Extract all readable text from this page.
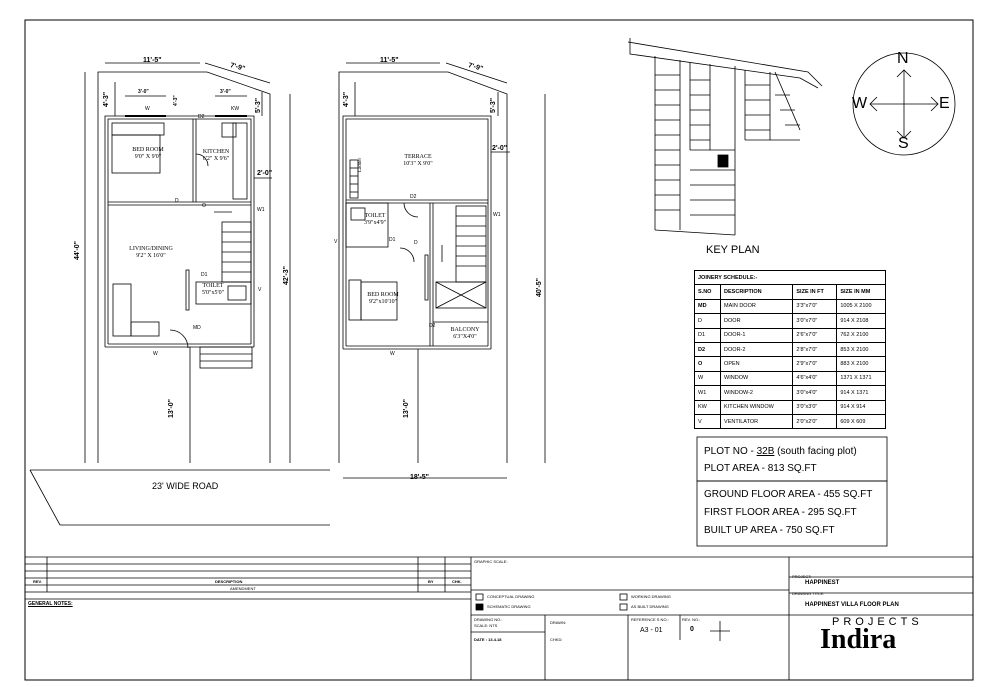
11'-5"
7'-9"
44'-0"
42'-3"
13'-0"
4'-3"	5'-3"
2'-0"
3'-0"	3'-0"
4'-3"
BED ROOM
9'0" X 9'0"
KITCHEN
6'2" X 9'6"
LIVING/DINING
9'2" X 16'0"
TOILET
5'0"x5'0"
W	KW
D2
D
O
W1
D1
V
MD
W
23' WIDE ROAD
11'-5"
7'-9"
40'-5"
13'-0"
18'-5"
4'-3"	5'-3"
2'-0"
TERRACE
10'3" X 9'0"
Ladder
TOILET
3'9"x4'9"
BED ROOM
9'2"x10'10"
BALCONY
6'3"X4'0"
D2
W1
V	D1	D
D2
W
N
S
E
W
KEY PLAN
JOINERY SCHEDULE:-			
S.NO	DESCRIPTION	SIZE IN FT	SIZE IN MM
MD	MAIN DOOR	3'3"x7'0"	1005 X 2100
D	DOOR	3'0"x7'0"	914 X 2108
D1	DOOR-1	2'6"x7'0"	762 X 2100
D2	DOOR-2	2'8"x7'0"	853 X 2100
O	OPEN	2'9"x7'0"	883 X 2100
W	WINDOW	4'6"x4'0"	1371 X 1371
W1	WINDOW-2	3'0"x4'0"	914 X 1371
KW	KITCHEN WINDOW	3'0"x3'0"	914 X 914
V	VENTILATOR	2'0"x2'0"	609 X 609
PLOT NO - 32B (south facing plot)
PLOT AREA - 813 SQ.FT
GROUND FLOOR AREA - 455 SQ.FT
FIRST FLOOR AREA - 295 SQ.FT
BUILT UP AREA - 750 SQ.FT
REV.	DESCRIPTION	BY	CHK.
AMENDMENT
GENERAL NOTES:
GRAPHIC SCALE:
CONCEPTUAL DRAWING
SCHEMATIC DRAWING
WORKING DRAWING
AS BUILT DRAWING
DRAWING NO.:
SCALE: NTS
DRAWN:
REFERENCE S NO.:	REV. NO.:
A3 - 01	0
DATE : 13.4.18	CHKD:
PROJECT:
HAPPINEST
DRAWING TITLE:
HAPPINEST VILLA FLOOR PLAN
PROJECTS
Indira
